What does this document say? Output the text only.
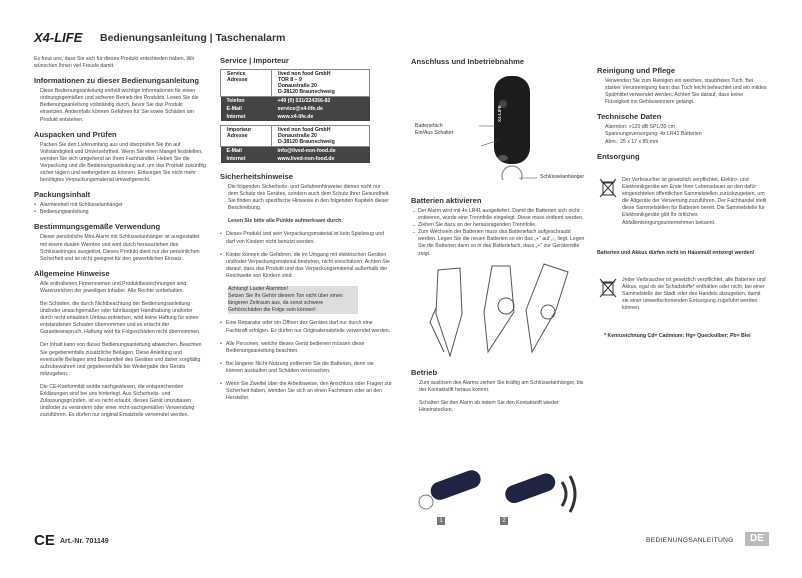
X4-LIFE Bedienungsanleitung | Taschenalarm

Es freut uns, dass Sie sich für dieses Produkt entschieden haben. Wir wünschen Ihnen viel Freude damit.

Informationen zu dieser Bedienungsanleitung

Diese Bedienungsanleitung enthält wichtige Informationen für einen ordnungsgemäßen und sicheren Betrieb des Produkts. Lesen Sie die Bedienungsanleitung vollständig durch, bevor Sie das Produkt einsetzen. Andernfalls können Gefahren für Sie sowie Schäden am Produkt entstehen.

Auspacken und Prüfen

Packen Sie den Lieferumfang aus und überprüfen Sie ihn auf Vollständigkeit und Unversehrtheit. Wenn Sie einen Mangel feststellen, wenden Sie sich umgehend an Ihren Fachhändler. Heben Sie die Verpackung und die Bedienungsanleitung auf, um das Produkt zukünftig sicher lagern und weitergeben zu können. Entsorgen Sie nicht mehr benötigtes Verpackungsmaterial umweltgerecht.

Packungsinhalt

• Alarmeinheit mit Schlüsselanhänger

• Bedienungsanleitung

Bestimmungsgemäße Verwendung

Dieser persönliche Mini-Alarm mit Schlüsselanhänger ist ausgestattet mit einem dualen Warnton und wird durch herausziehen des Schlüsselringes ausgelöst. Dieses Produkt dient nur der persönlichen Sicherheit und ist nicht geeignet für den gewerblichen Einsatz.

Allgemeine Hinweise

Alle enthaltenen Firmennamen und Produktbezeichnungen sind Warenzeichen der jeweiligen Inhaber. Alle Rechte vorbehalten.

Bei Schäden, die durch Nichtbeachtung der Bedienungsanleitung und/oder unsachgemäßer oder fahrlässiger Handhabung und/oder durch nicht erlaubten Umbau entstehen, wird keine Haftung für einen entstandenen Schaden übernommen und es erlischt der Garantieanspruch. Haftung wird für Folgeschäden nicht übernommen.

Der Inhalt kann von dieser Bedienungsanleitung abweichen. Beachten Sie gegebenenfalls zusätzliche Beilagen. Diese Anleitung und eventuelle Beilagen sind Bestandteil des Gerätes und daher sorgfältig aufzubewahren und gegebenenfalls bei Weitergabe des Geräts mitzugeben.

Die CE-Konformität wurde nachgewiesen, die entsprechenden Erklärungen sind bei uns hinterlegt. Aus Sicherheits- und Zulassungsgründen, ist es nicht erlaubt, dieses Gerät umzubauen und/oder zu verändern oder einer nicht-sachgemäßen Verwendung zuzuführen. Es dürfen nur original Ersatzteile verwendet werden.

CE Art.-Nr. 701149

Service | Importeur

Service Adresse	lived non food GmbH
TOR 8 – 9
Donaustraße 20
D-38120 Braunschweig

Telefon	+49 (0) 531/224356-82
E-Mail	service@x4-life.de
Internet	www.x4-life.de
Importeur Adresse	lived non food GmbH
Donaustraße 20
D-38120 Braunschweig

E-Mail	info@lived-non-food.de
Internet	www.lived-non-food.de

Sicherheitshinweise

Die folgenden Sicherheits- und Gefahrenhinweise dienen nicht nur dem Schutz des Gerätes, sondern auch dem Schutz Ihrer Gesundheit. Sie finden auch spezifische Hinweise in den folgenden Kapiteln dieser Beschreibung.

Lesen Sie bitte alle Punkte aufmerksam durch:

• Dieses Produkt und sein Verpackungsmaterial ist kein Spielzeug und darf von Kindern nicht benutzt werden.

• Kinder können die Gefahren, die im Umgang mit elektrischen Geräten und/oder Verpackungsmaterial bestehen, nicht einschätzen. Achten Sie darauf, dass das Produkt und das Verpackungsmaterial außerhalb der Reichweite von Kindern sind.

Achtung! Lauter Alarmton!
Setzen Sie Ihr Gehör diesem Ton nicht über einen längeren Zeitraum aus, da sonst schwere Gehörschäden die Folge sein können!

• Eine Reparatur oder ein Öffnen des Gerätes darf nur durch eine Fachkraft erfolgen. Es dürfen nur Originalersatzteile verwendet werden.

• Alle Personen, welche dieses Gerät bedienen müssen diese Bedienungsanleitung beachten.

• Bei längerer Nicht-Nutzung entfernen Sie die Batterien, denn sie können auslaufen und Schäden verursachen.

• Wenn Sie Zweifel über die Arbeitsweise, den Anschluss oder Fragen zur Sicherheit haben, wenden Sie sich an einen Fachmann oder an den Hersteller.

Anschluss und Inbetriebnahme
Batteriefach
Ein/Aus Schalter
X4-LIFE
Schlüsselanhänger

Batterien aktivieren

→ Der Alarm wird mit 4x LR41 ausgeliefert. Damit die Batterien sich nicht entleeren, wurde eine Trennfolie eingelegt. Diese muss entfernt werden.

→ Ziehen Sie dazu an der herausragenden Trennfolie.

→ Zum Wechseln der Batterien muss das Batteriefach aufgeschraubt werden. Legen Sie die neuen Batterien so ein das „+" auf „-„ liegt. Legen Sie die Batterien dann so in das Batteriefach, dass „+" zur Gerätemitte zeigt.

Betrieb

Zum auslösen des Alarms ziehen Sie kräftig am Schlüsselanhänger, bis der Kontaktstift heraus kommt.

Schalten Sie den Alarm ab indem Sie den Kontaktstift wieder Hineinstecken.

1	2

Reinigung und Pflege

Verwenden Sie zum Reinigen ein weiches, staubfreies Tuch. Bei starker Verunreinigung kann das Tuch leicht befeuchtet und ein mildes Spülmittel verwendet werden. Achten Sie darauf, dass keine Flüssigkeit ins Gehäuseinnere gelangt.

Technische Daten

Alarmton: >120 dB SPL/30 cm

Spannungsversorgung: 4x LR41 Batterien

Abm.: 25 x 17 x 85 mm

Entsorgung

Der Verbraucher ist gesetzlich verpflichtet, Elektro- und Elektronikgeräte am Ende Ihrer Lebensdauer an den dafür eingerichteten öffentlichen Sammelstellen zurückzugeben, um die Altgeräte der Verwertung zuzuführen. Der Fachhandel stellt diese Sammelstellen für Batterien bereit. Die Sammelstelle für Elektronikgeräte gibt Ihr örtliches Abfallentsorgungsunternehmen bekannt.

Batterien und Akkus dürfen nicht im Hausmüll entsorgt werden!

Jeder Verbraucher ist gesetzlich verpflichtet, alle Batterien und Akkus, egal ob sie Schadstoffe* enthalten oder nicht, bei einer Sammelstelle der Stadt oder des Handels abzugeben, damit sie einer umweltschonenden Entsorgung zugeführt werden können.

* Kennzeichnung Cd= Cadmium; Hg= Quecksilber; Pb= Blei

BEDIENUNGSANLEITUNG	DE
